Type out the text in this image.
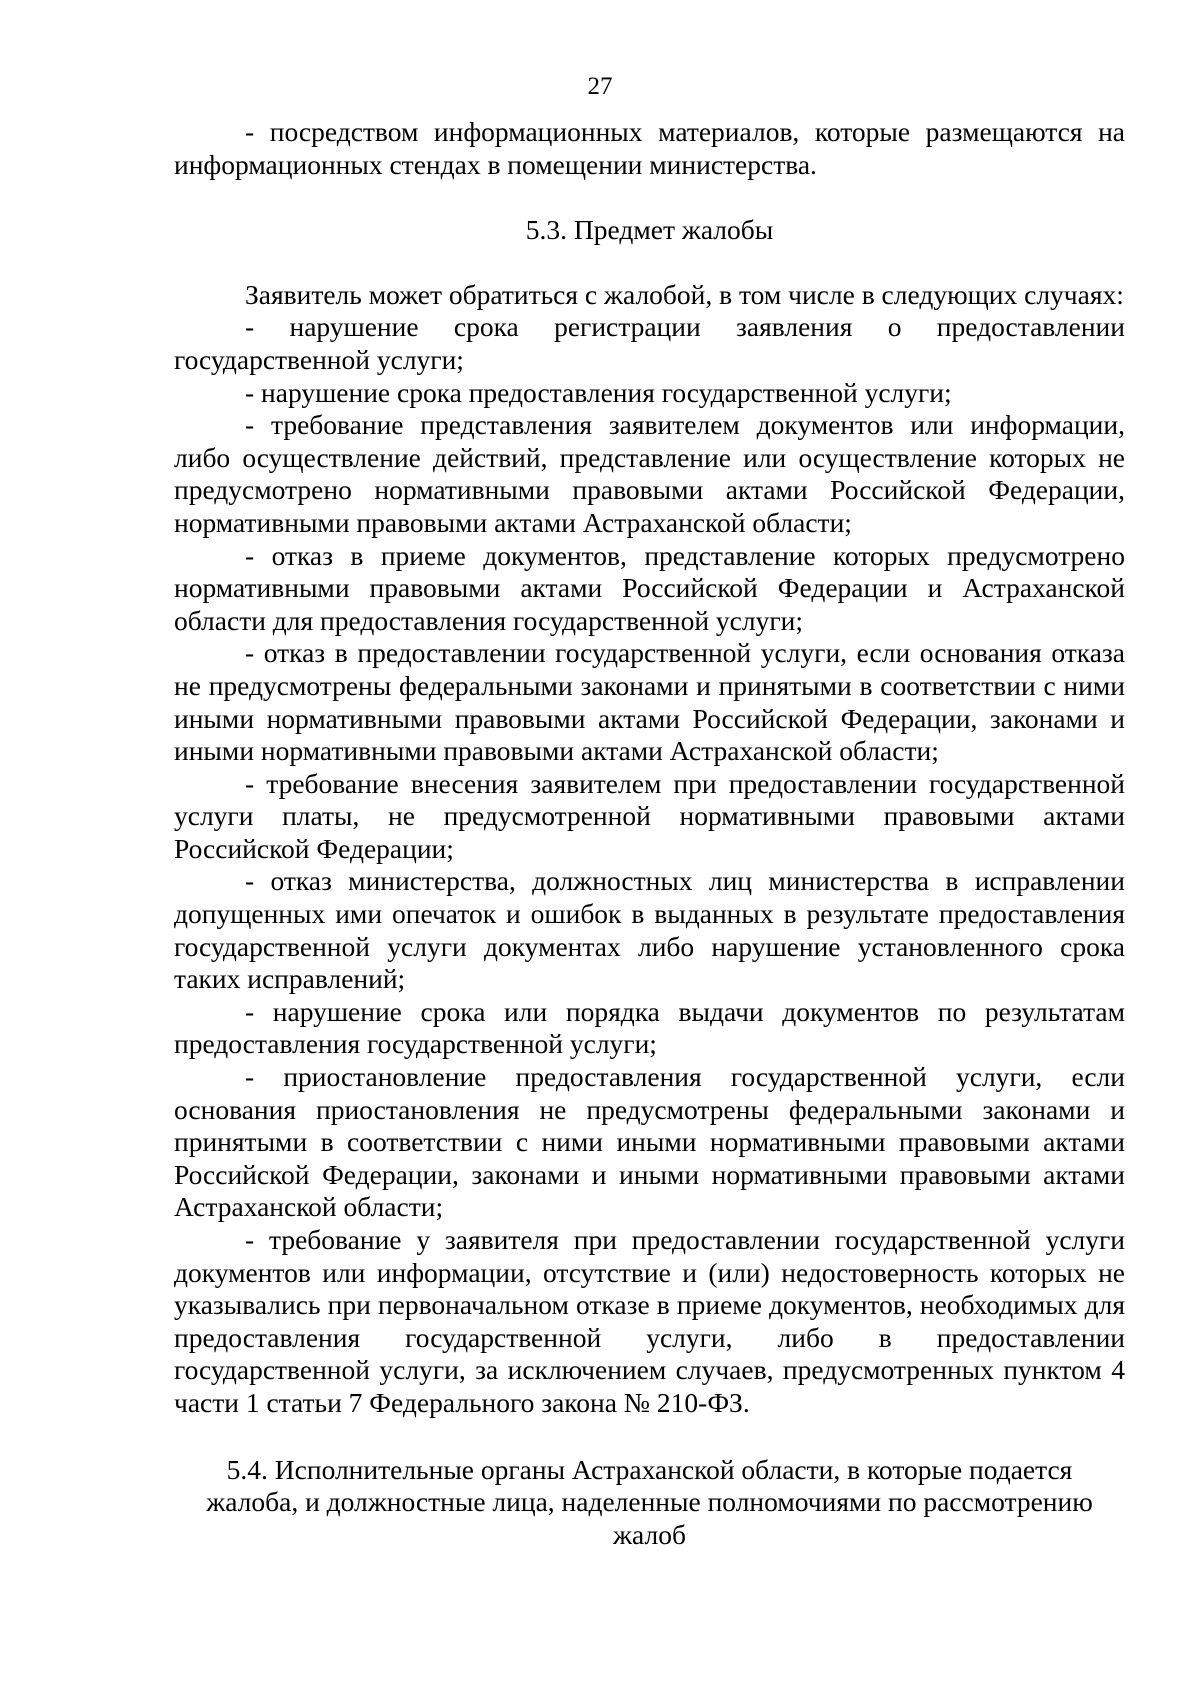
27

- посредством информационных материалов, которые размещаются на информационных стендах в помещении министерства.

5.3. Предмет жалобы

Заявитель может обратиться с жалобой, в том числе в следующих случаях:

- нарушение срока регистрации заявления о предоставлении государственной услуги;

- нарушение срока предоставления государственной услуги;

- требование представления заявителем документов или информации, либо осуществление действий, представление или осуществление которых не предусмотрено нормативными правовыми актами Российской Федерации, нормативными правовыми актами Астраханской области;

- отказ в приеме документов, представление которых предусмотрено нормативными правовыми актами Российской Федерации и Астраханской области для предоставления государственной услуги;

- отказ в предоставлении государственной услуги, если основания отказа не предусмотрены федеральными законами и принятыми в соответствии с ними иными нормативными правовыми актами Российской Федерации, законами и иными нормативными правовыми актами Астраханской области;

- требование внесения заявителем при предоставлении государственной услуги платы, не предусмотренной нормативными правовыми актами Российской Федерации;

- отказ министерства, должностных лиц министерства в исправлении допущенных ими опечаток и ошибок в выданных в результате предоставления государственной услуги документах либо нарушение установленного срока таких исправлений;

- нарушение срока или порядка выдачи документов по результатам предоставления государственной услуги;

- приостановление предоставления государственной услуги, если основания приостановления не предусмотрены федеральными законами и принятыми в соответствии с ними иными нормативными правовыми актами Российской Федерации, законами и иными нормативными правовыми актами Астраханской области;

- требование у заявителя при предоставлении государственной услуги документов или информации, отсутствие и (или) недостоверность которых не указывались при первоначальном отказе в приеме документов, необходимых для предоставления государственной услуги, либо в предоставлении государственной услуги, за исключением случаев, предусмотренных пунктом 4 части 1 статьи 7 Федерального закона № 210-ФЗ.

5.4. Исполнительные органы Астраханской области, в которые подается жалоба, и должностные лица, наделенные полномочиями по рассмотрению жалоб
